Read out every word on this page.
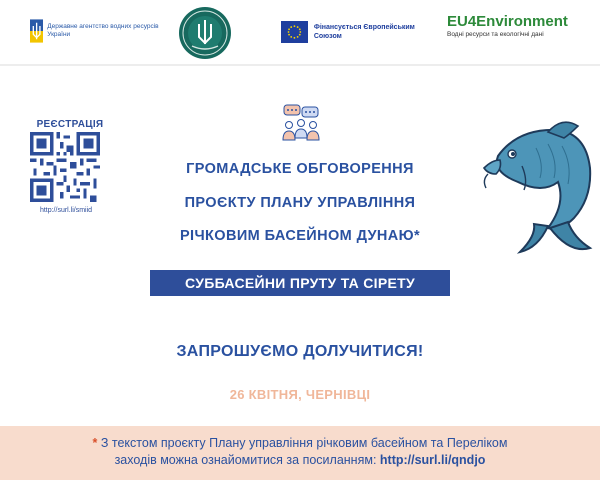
Державне агентство водних ресурсів України
Фінансується Європейським Союзом
EU4Environment
Водні ресурси та екологічні дані
РЕЄСТРАЦІЯ
http://surl.li/smiid
ГРОМАДСЬКЕ ОБГОВОРЕННЯ
ПРОЄКТУ ПЛАНУ УПРАВЛІННЯ
РІЧКОВИМ БАСЕЙНОМ ДУНАЮ*
СУББАСЕЙНИ ПРУТУ ТА СІРЕТУ
ЗАПРОШУЄМО ДОЛУЧИТИСЯ!
26 КВІТНЯ, ЧЕРНІВЦІ
* З текстом проєкту Плану управління річковим басейном та Переліком
заходів можна ознайомитися за посиланням: http://surl.li/qndjo
